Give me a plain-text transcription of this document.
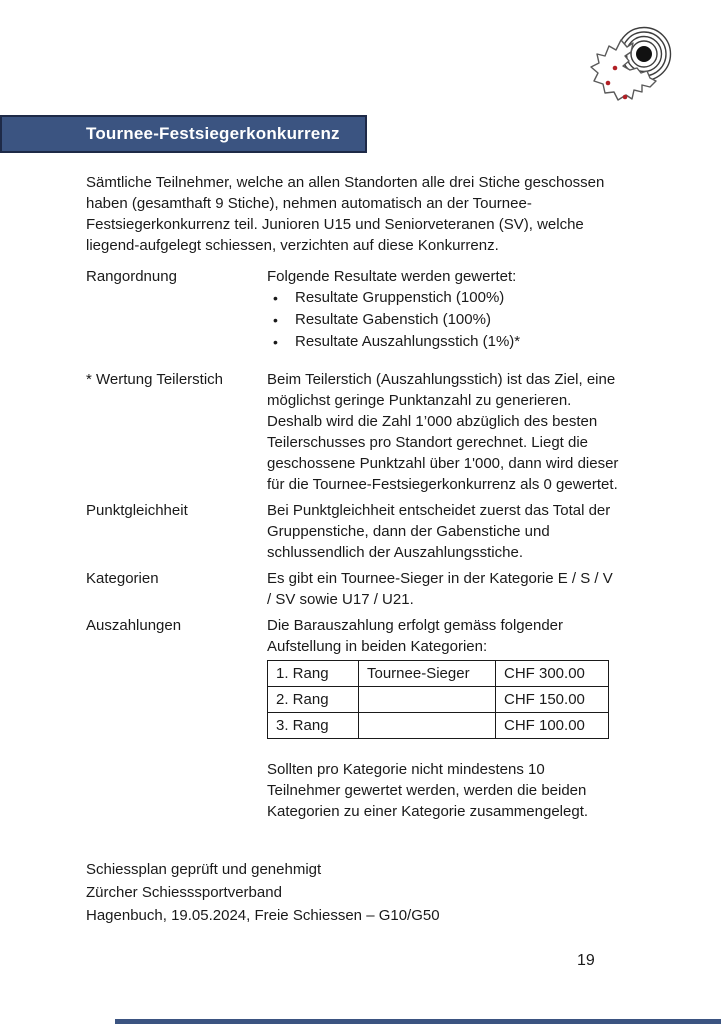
Tournee-Festsiegerkonkurrenz

Sämtliche Teilnehmer, welche an allen Standorten alle drei Stiche geschossen haben (gesamthaft 9 Stiche), nehmen automatisch an der Tournee-Festsiegerkonkurrenz teil. Junioren U15 und Seniorveteranen (SV), welche liegend-aufgelegt schiessen, verzichten auf diese Konkurrenz.

Rangordnung	Folgende Resultate werden gewertet:
•	Resultate Gruppenstich (100%)
•	Resultate Gabenstich (100%)
•	Resultate Auszahlungsstich (1%)*
* Wertung Teilerstich	Beim Teilerstich (Auszahlungsstich) ist das Ziel, eine möglichst geringe Punktanzahl zu generieren. Deshalb wird die Zahl 1’000 abzüglich des besten Teilerschusses pro Standort gerechnet. Liegt die geschossene Punktzahl über 1'000, dann wird dieser für die Tournee-Festsiegerkonkurrenz als 0 gewertet.
Punktgleichheit	Bei Punktgleichheit entscheidet zuerst das Total der Gruppenstiche, dann der Gabenstiche und schlussendlich der Auszahlungsstiche.
Kategorien	Es gibt ein Tournee-Sieger in der Kategorie E / S / V / SV sowie U17 / U21.
Auszahlungen	Die Barauszahlung erfolgt gemäss folgender Aufstellung in beiden Kategorien:
1. Rang	Tournee-Sieger	CHF 300.00
2. Rang		CHF 150.00
3. Rang		CHF 100.00
Sollten pro Kategorie nicht mindestens 10 Teilnehmer gewertet werden, werden die beiden Kategorien zu einer Kategorie zusammengelegt.
Schiessplan geprüft und genehmigt
Zürcher Schiesssportverband
Hagenbuch, 19.05.2024, Freie Schiessen – G10/G50
19
